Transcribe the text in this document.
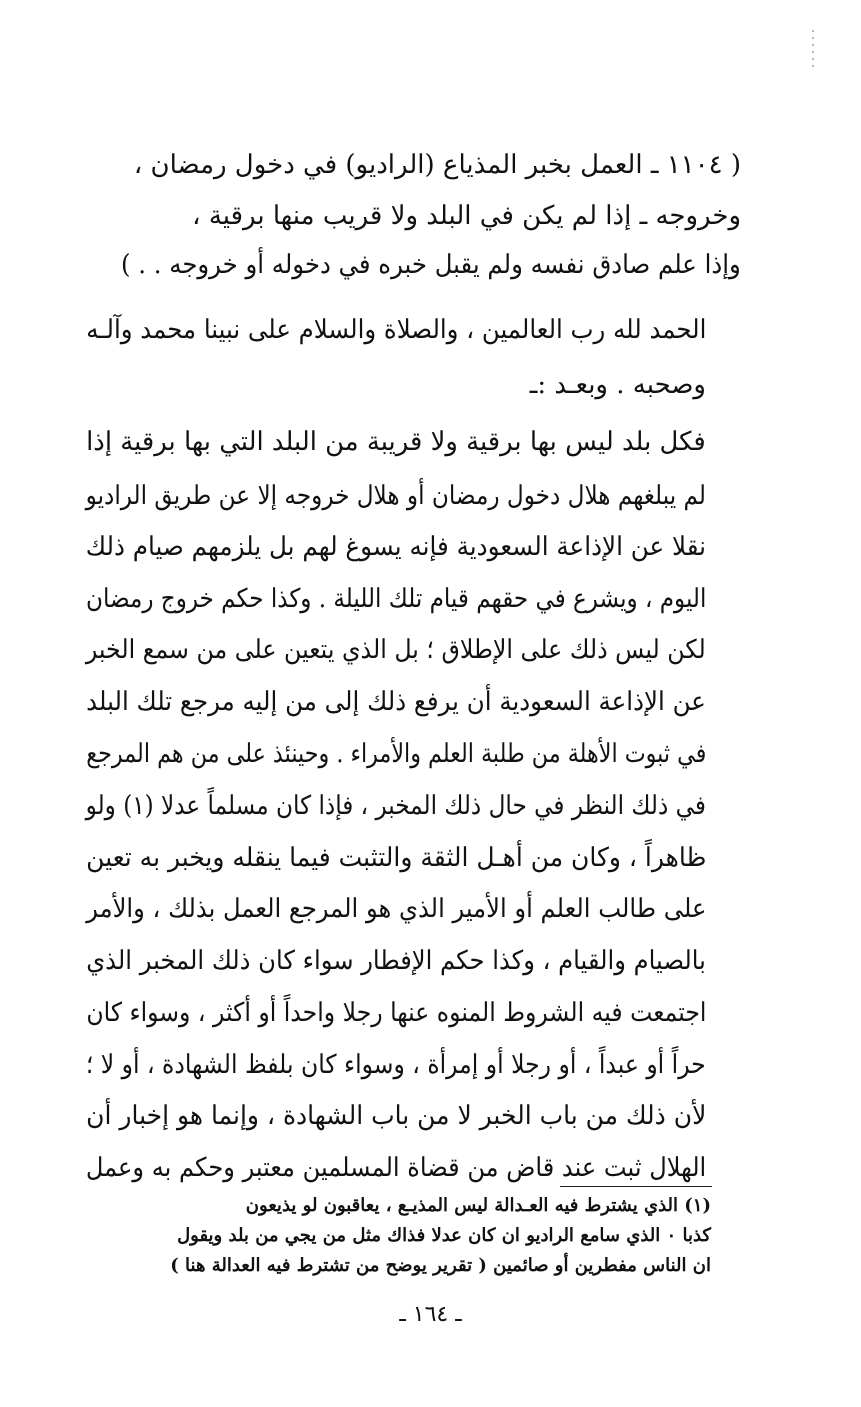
( ١١٠٤ ـ العمل بخبر المذياع (الراديو) في دخول رمضان ،
وخروجه ـ إذا لم يكن في البلد ولا قريب منها برقية ،
وإذا علم صادق نفسه ولم يقبل خبره في دخوله أو خروجه . . )
الحمد لله رب العالمين ، والصلاة والسلام على نبينا محمد وآلـه
وصحبه . وبعـد :ـ
فكل بلد ليس بها برقية ولا قريبة من البلد التي بها برقية إذا
لم يبلغهم هلال دخول رمضان أو هلال خروجه إلا عن طريق الراديو
نقلا عن الإذاعة السعودية فإنه يسوغ لهم بل يلزمهم صيام ذلك
اليوم ، ويشرع في حقهم قيام تلك الليلة . وكذا حكم خروج رمضان
لكن ليس ذلك على الإطلاق ؛ بل الذي يتعين على من سمع الخبر
عن الإذاعة السعودية أن يرفع ذلك إلى من إليه مرجع تلك البلد
في ثبوت الأهلة من طلبة العلم والأمراء . وحينئذ على من هم المرجع
في ذلك النظر في حال ذلك المخبر ، فإذا كان مسلماً عدلا (١) ولو
ظاهراً ، وكان من أهـل الثقة والتثبت فيما ينقله ويخبر به تعين
على طالب العلم أو الأمير الذي هو المرجع العمل بذلك ، والأمر
بالصيام والقيام ، وكذا حكم الإفطار سواء كان ذلك المخبر الذي
اجتمعت فيه الشروط المنوه عنها رجلا واحداً أو أكثر ، وسواء كان
حراً أو عبداً ، أو رجلا أو إمرأة ، وسواء كان بلفظ الشهادة ، أو لا ؛
لأن ذلك من باب الخبر لا من باب الشهادة ، وإنما هو إخبار أن
الهلال ثبت عند قاض من قضاة المسلمين معتبر وحكم به وعمل
(١) الذي يشترط فيه العـدالة ليس المذيـع ، يعاقبون لو يذيعون
كذبا ٠ الذي سامع الراديو ان كان عدلا فذاك مثل من يجي من بلد ويقول
ان الناس مفطرين أو صائمين ( تقرير يوضح من تشترط فيه العدالة هنا )
ـ ١٦٤ ـ
